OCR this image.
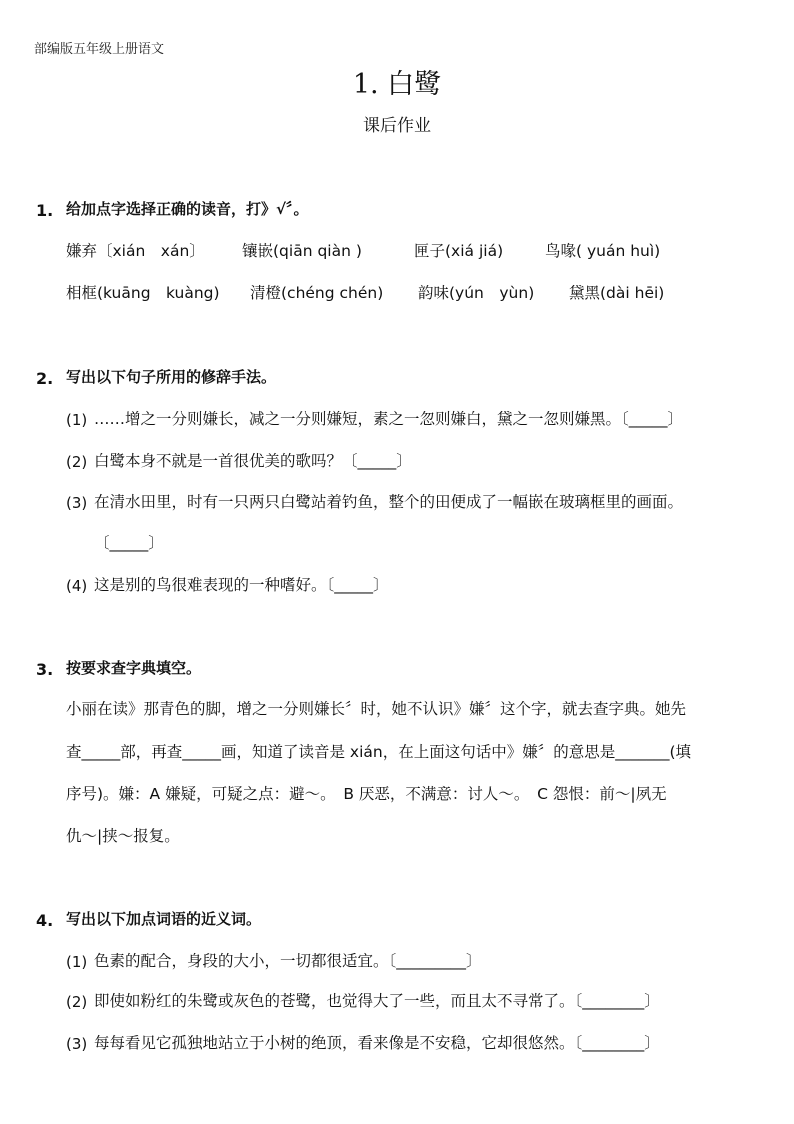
部编版五年级上册语文
1. 白鹭
课后作业
1. 给加点字选择正确的读音，打》√〞。
嫌弃〔xián　xán〕 镶嵌(qiān qiàn )	匣子(xiá jiá)	鸟喙( yuán huì)
相框(kuāng　kuàng) 清橙(chéng chén) 韵味(yún　yùn) 黛黑(dài hēi)
2. 写出以下句子所用的修辞手法。
(1) ……增之一分则嫌长，减之一分则嫌短，素之一忽则嫌白，黛之一忽则嫌黑。〔_____〕
(2) 白鹭本身不就是一首很优美的歌吗？〔_____〕
(3) 在清水田里，时有一只两只白鹭站着钓鱼，整个的田便成了一幅嵌在玻璃框里的画面。
〔_____〕
(4) 这是别的鸟很难表现的一种嗜好。〔_____〕
3. 按要求查字典填空。
小丽在读》那青色的脚，增之一分则嫌长〞时，她不认识》嫌〞这个字，就去查字典。她先
查_____部，再查_____画，知道了读音是 xián，在上面这句话中》嫌〞的意思是_______(填
序号)。嫌：A 嫌疑，可疑之点：避～。　B 厌恶，不满意：讨人～。　C 怨恨：前～|夙无
仇～|挟～报复。
4. 写出以下加点词语的近义词。
(1) 色素的配合，身段的大小，一切都很适宜。〔_________〕
(2) 即使如粉红的朱鹭或灰色的苍鹭，也觉得大了一些，而且太不寻常了。〔________〕
(3) 每每看见它孤独地站立于小树的绝顶，看来像是不安稳，它却很悠然。〔________〕
